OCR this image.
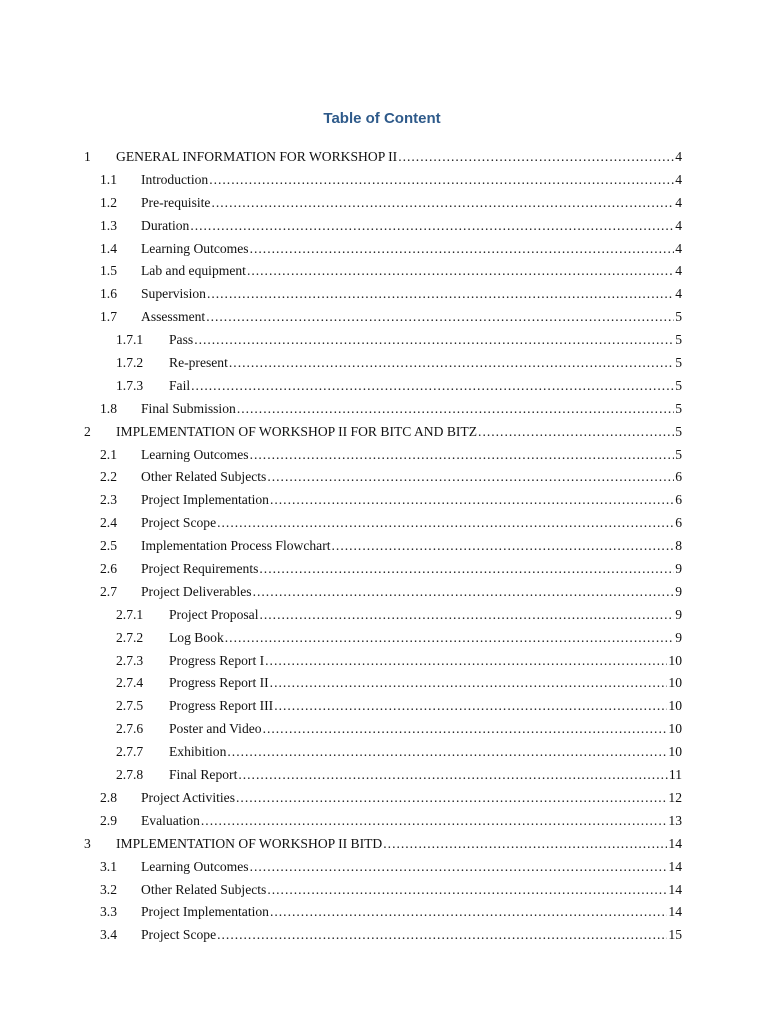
Table of Content
1 GENERAL INFORMATION FOR WORKSHOP II .....	4
1.1 Introduction .....	4
1.2 Pre-requisite .....	4
1.3 Duration .....	4
1.4 Learning Outcomes .....	4
1.5 Lab and equipment .....	4
1.6 Supervision .....	4
1.7 Assessment .....	5
1.7.1 Pass .....	5
1.7.2 Re-present .....	5
1.7.3 Fail .....	5
1.8 Final Submission .....	5
2 IMPLEMENTATION OF WORKSHOP II FOR BITC AND BITZ .....	5
2.1 Learning Outcomes .....	5
2.2 Other Related Subjects .....	6
2.3 Project Implementation .....	6
2.4 Project Scope .....	6
2.5 Implementation Process Flowchart .....	8
2.6 Project Requirements .....	9
2.7 Project Deliverables .....	9
2.7.1 Project Proposal .....	9
2.7.2 Log Book .....	9
2.7.3 Progress Report I .....	10
2.7.4 Progress Report II .....	10
2.7.5 Progress Report III .....	10
2.7.6 Poster and Video .....	10
2.7.7 Exhibition .....	10
2.7.8 Final Report .....	11
2.8 Project Activities .....	12
2.9 Evaluation .....	13
3 IMPLEMENTATION OF WORKSHOP II BITD .....	14
3.1 Learning Outcomes .....	14
3.2 Other Related Subjects .....	14
3.3 Project Implementation .....	14
3.4 Project Scope .....	15
